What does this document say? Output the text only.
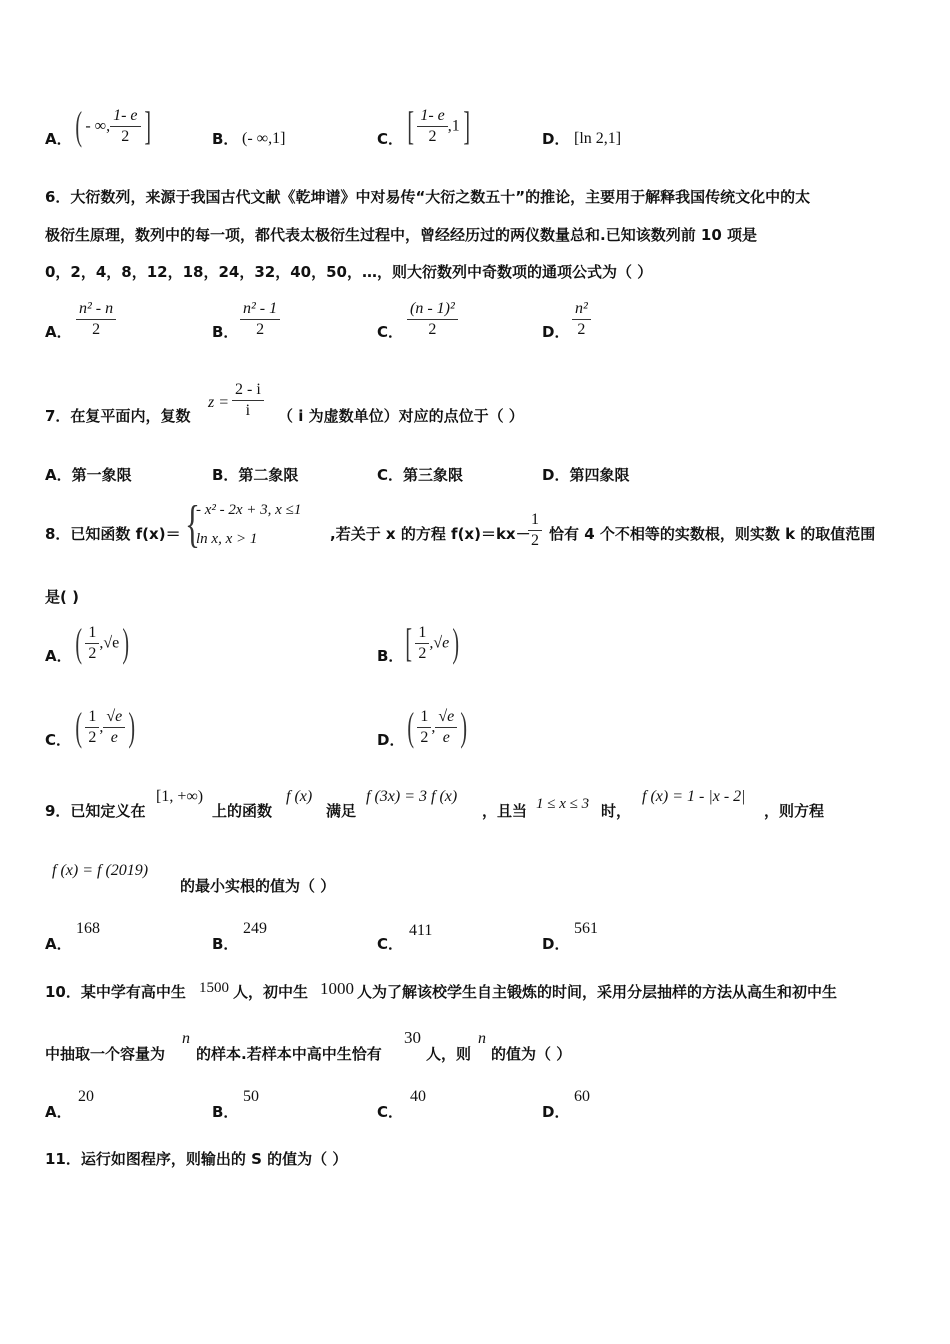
A． ( - ∞, $\frac{1- e}{2}$ ]	B． (- ∞,1]	C． [ $\frac{1- e}{2} ,1$]	D． [ln 2,1]
6．大衍数列，来源于我国古代文献《乾坤谱》中对易传“大衍之数五十”的推论，主要用于解释我国传统文化中的太
极衍生原理，数列中的每一项，都代表太极衍生过程中，曾经经历过的两仪数量总和.已知该数列前 10 项是
0，2，4，8，12，18，24，32，40，50，…，则大衍数列中奇数项的通项公式为（ ）
A． $\frac{\text{n² - n}}{2}$	B． $\frac{\text{n² - 1}}{2}$	C． $\frac{\text{(n - 1)²}}{2}$	D． $\frac{\text{n²}}{2}$
7．在复平面内，复数
$z = \frac{2 - i}{i}$ （ i 为虚数单位）对应的点位于（ ）
A．第一象限	B．第二象限	C．第三象限	D．第四象限
8．已知函数 f(x)＝ {
- x² - 2x + 3, x ≤1
ln x, x > 1	,若关于 x 的方程 f(x)＝kx－
$\frac{1}{2}$ 恰有 4 个不相等的实数根，则实数 k 的取值范围
是( )
A． ( $\frac{1}{2} ,√e$)	B． [ $\frac{1}{2} ,√e$)
C． ( $\frac{1}{2}$ , $\frac{√e}{e}$ )	D． ( $\frac{1}{2}$ , $\frac{√e}{e}$ )
9．已知定义在
[1, +∞)
上的函数
f (x)
满足
f (3x) = 3 f (x)
，且当 1 ≤ x ≤ 3 时，
f (x) = 1 - |x - 2|
，则方程
f (x) = f (2019)
的最小实根的值为（ ）
A．
168
B．
249
C．
411
D．
561
10．某中学有高中生 1500 人，初中生 1000 人为了解该校学生自主锻炼的时间，采用分层抽样的方法从高生和初中生
中抽取一个容量为
n
的样本.若样本中高中生恰有
30
人，则
n
的值为（ ）
A．
20
B．
50
C．
40
D．
60
11．运行如图程序，则输出的 S 的值为（ ）
